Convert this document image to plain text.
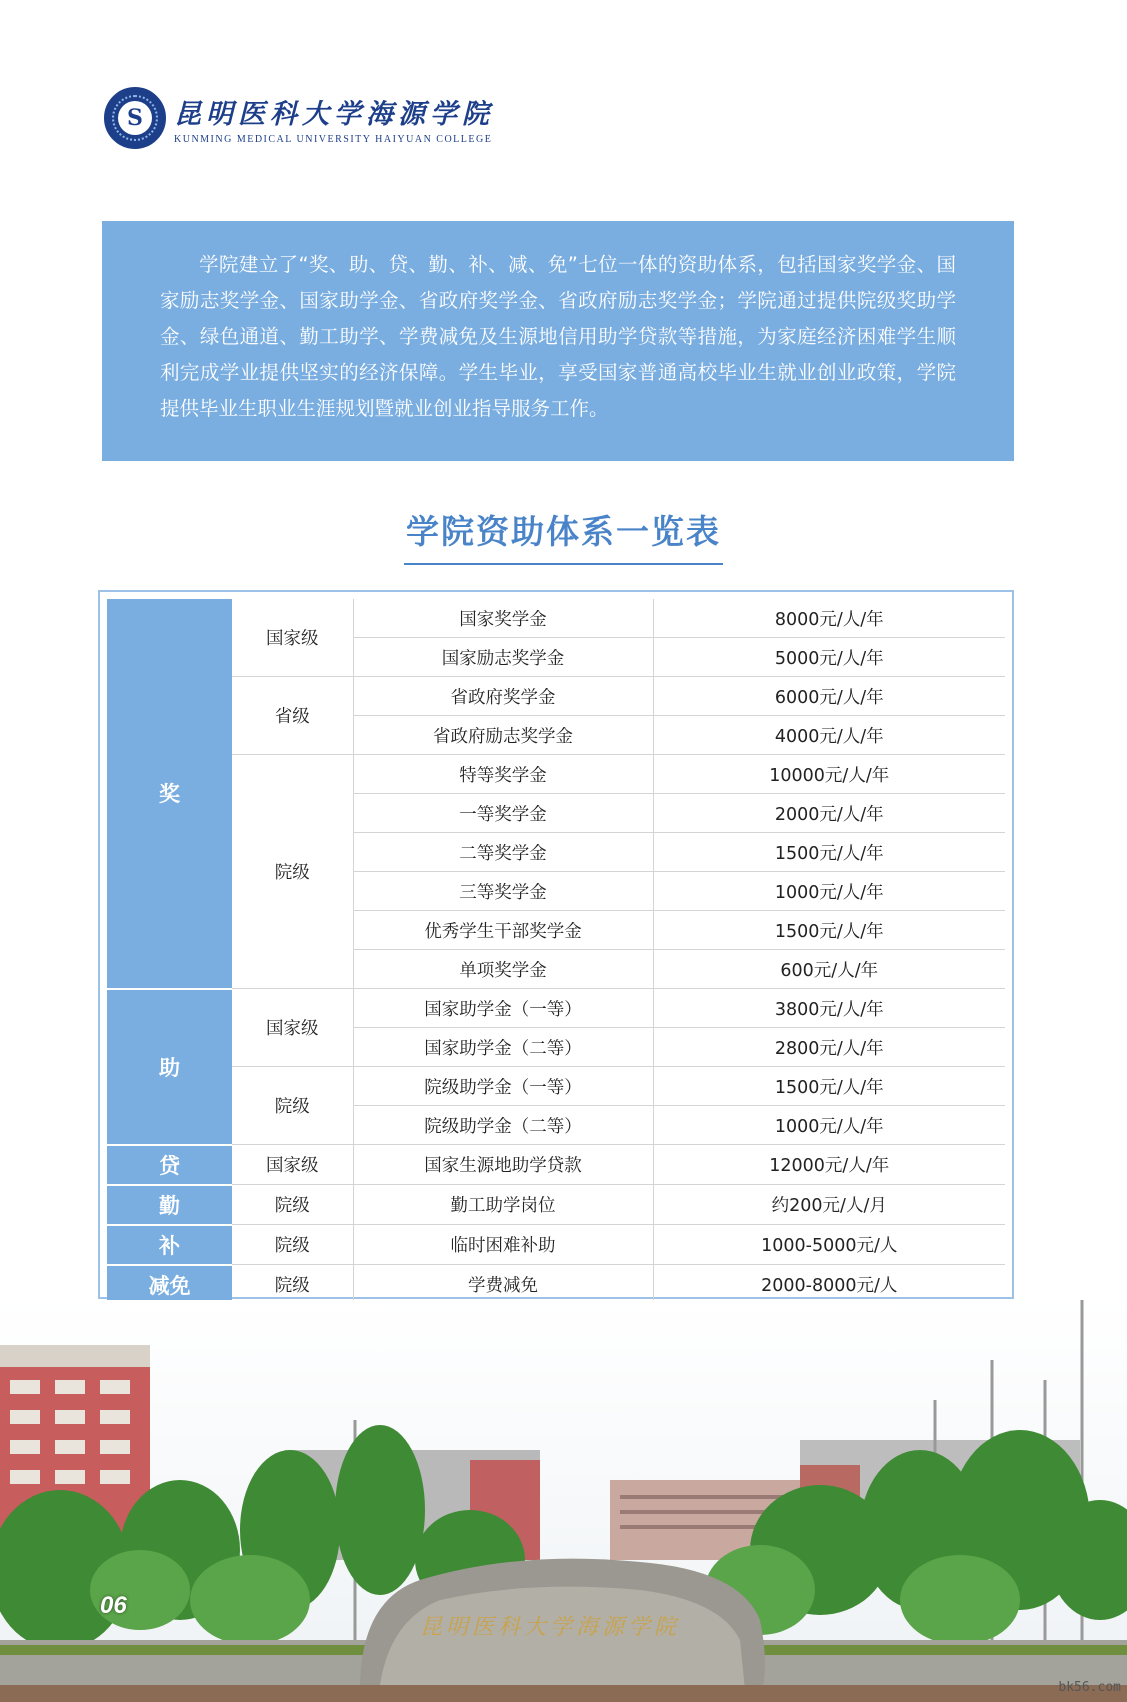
S	昆明医科大学海源学院
KUNMING MEDICAL UNIVERSITY HAIYUAN COLLEGE

学院建立了“奖、助、贷、勤、补、减、免”七位一体的资助体系，包括国家奖学金、国家励志奖学金、国家助学金、省政府奖学金、省政府励志奖学金；学院通过提供院级奖助学金、绿色通道、勤工助学、学费减免及生源地信用助学贷款等措施，为家庭经济困难学生顺利完成学业提供坚实的经济保障。学生毕业，享受国家普通高校毕业生就业创业政策，学院提供毕业生职业生涯规划暨就业创业指导服务工作。

学院资助体系一览表
奖	国家级	国家奖学金	8000元/人/年
		国家励志奖学金	5000元/人/年
	省级	省政府奖学金	6000元/人/年
		省政府励志奖学金	4000元/人/年
	院级	特等奖学金	10000元/人/年
		一等奖学金	2000元/人/年
		二等奖学金	1500元/人/年
		三等奖学金	1000元/人/年
		优秀学生干部奖学金	1500元/人/年
		单项奖学金	600元/人/年
助	国家级	国家助学金（一等）	3800元/人/年
		国家助学金（二等）	2800元/人/年
	院级	院级助学金（一等）	1500元/人/年
		院级助学金（二等）	1000元/人/年
贷	国家级	国家生源地助学贷款	12000元/人/年
勤	院级	勤工助学岗位	约200元/人/月
补	院级	临时困难补助	1000-5000元/人
减免	院级	学费减免	2000-8000元/人
06
昆明医科大学海源学院
bk56.com
